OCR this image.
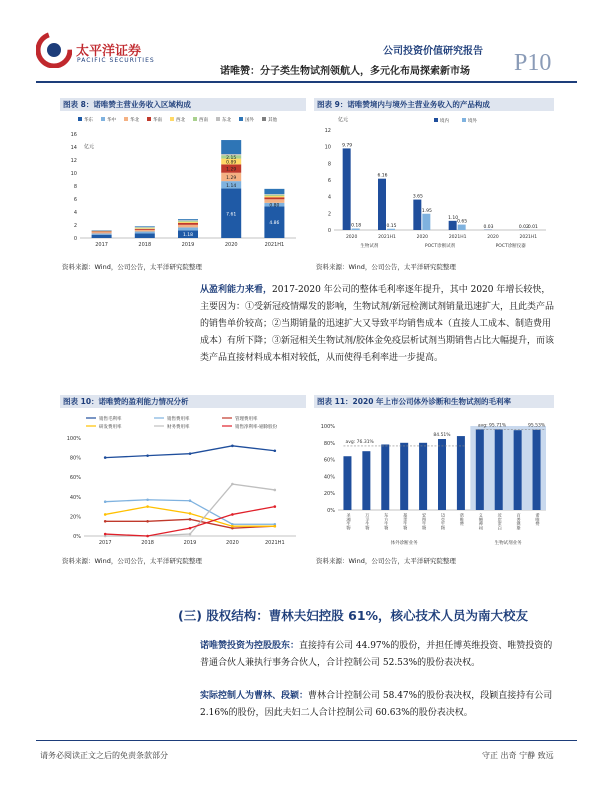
太平洋证券
PACIFIC SECURITIES
公司投资价值研究报告
诺唯赞：分子类生物试剂领航人，多元化布局探索新市场 P10
图表 8：诺唯赞主营业务收入区域构成
华东	华中	华北	华南	西北	西南	东北	国外	其他
亿元
0
2
4
6
8
10
12
14
16
2017	2018	2019
1.18
2020
7.61
1.14
1.29
1.29
0.89
2.15
2021H1
4.86
0.80
资料来源：Wind，公司公告，太平洋研究院整理
图表 9：诺唯赞境内与境外主营业务收入的产品构成
境内	境外
亿元
0
2
4
6
8
10
12
9.79
0.18
2020
6.16
0.15
2021H1
3.65
1.95
2020
1.10
0.65
2021H1
0.03
2020
0.02
0.01
2021H1
生物试剂	POCT诊断试剂	POCT诊断仪器
资料来源：Wind，公司公告，太平洋研究院整理
从盈利能力来看，2017-2020 年公司的整体毛利率逐年提升，其中 2020 年增长较快，主要因为：①受新冠疫情爆发的影响，生物试剂/新冠检测试剂销量迅速扩大，且此类产品的销售单价较高；②当期销量的迅速扩大又导致平均销售成本（直接人工成本、制造费用成本）有所下降；③新冠相关生物试剂/胶体金免疫层析试剂当期销售占比大幅提升，而该类产品直接材料成本相对较低，从而使得毛利率进一步提高。
图表 10：诺唯赞的盈利能力情况分析
销售毛利率	销售费用率	管理费用率
研发费用率	财务费用率	销售净利率-剔除股份
0%
20%
40%
60%
80%
100%
2017	2018	2019	2020	2021H1
资料来源：Wind，公司公告，太平洋研究院整理
图表 11：2020 年上市公司体外诊断和生物试剂的毛利率
0%
20%
40%
60%
80%
100%
圣湘生物	万孚生物	东方生物	基蛋生物	安图生物	迈克生物	诺唯赞	义翘神州	近岸蛋白	百普赛斯	诺唯赞
avg: 76.31%
84.51%
avg: 95.71%	95.53%
体外诊断业务	生物试剂业务
资料来源：Wind，公司公告，太平洋研究院整理
(三) 股权结构：曹林夫妇控股 61%，核心技术人员为南大校友
诺唯赞投资为控股股东：直接持有公司 44.97%的股份，并担任博英维投资、唯赞投资的普通合伙人兼执行事务合伙人，合计控制公司 52.53%的股份表决权。
实际控制人为曹林、段颖：曹林合计控制公司 58.47%的股份表决权，段颖直接持有公司 2.16%的股份，因此夫妇二人合计控制公司 60.63%的股份表决权。
请务必阅读正文之后的免责条款部分	守正 出奇 宁静 致远
